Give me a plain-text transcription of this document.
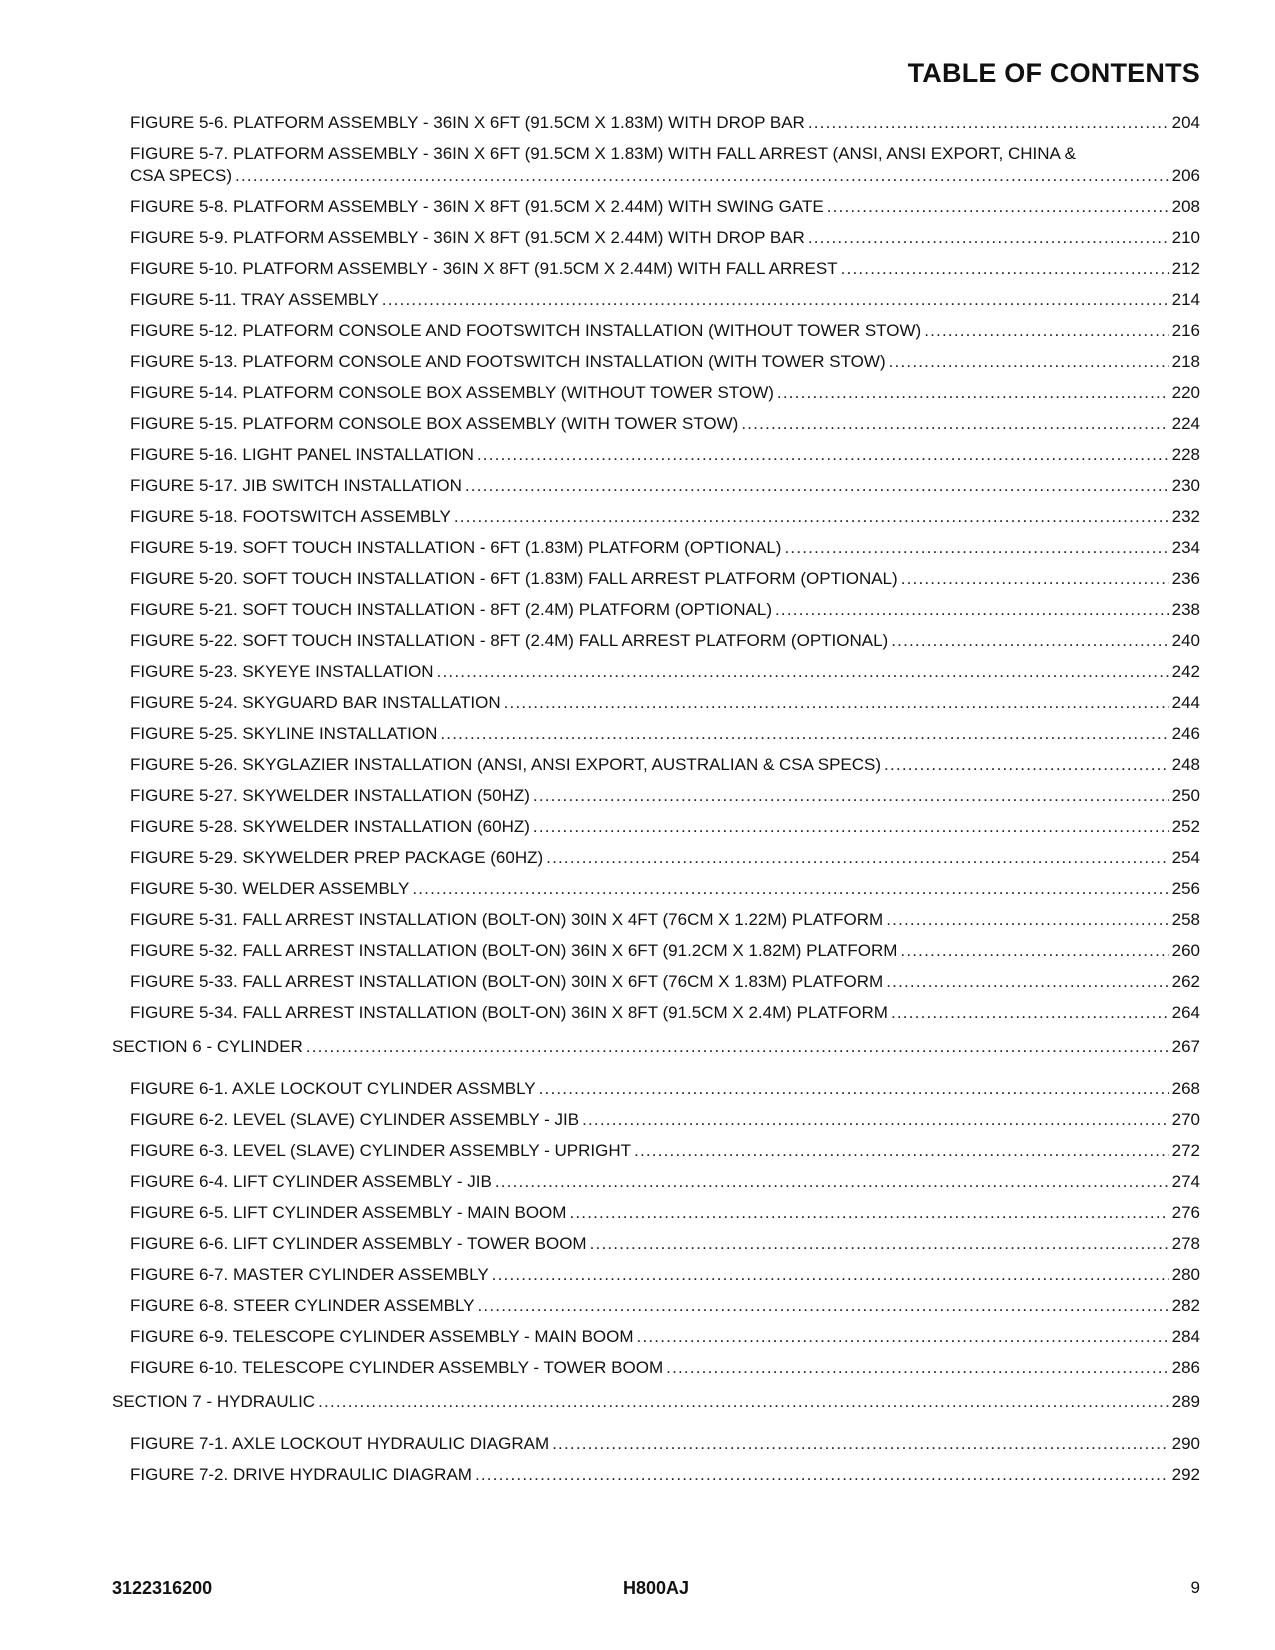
TABLE OF CONTENTS
FIGURE 5-6. PLATFORM ASSEMBLY - 36IN X 6FT (91.5CM X 1.83M) WITH DROP BAR .....	204
FIGURE 5-7. PLATFORM ASSEMBLY - 36IN X 6FT (91.5CM X 1.83M) WITH FALL ARREST (ANSI, ANSI EXPORT, CHINA &
CSA SPECS) .....	206
FIGURE 5-8. PLATFORM ASSEMBLY - 36IN X 8FT (91.5CM X 2.44M) WITH SWING GATE .....	208
FIGURE 5-9. PLATFORM ASSEMBLY - 36IN X 8FT (91.5CM X 2.44M) WITH DROP BAR .....	210
FIGURE 5-10. PLATFORM ASSEMBLY - 36IN X 8FT (91.5CM X 2.44M) WITH FALL ARREST .....	212
FIGURE 5-11. TRAY ASSEMBLY .....	214
FIGURE 5-12. PLATFORM CONSOLE AND FOOTSWITCH INSTALLATION (WITHOUT TOWER STOW) .....	216
FIGURE 5-13. PLATFORM CONSOLE AND FOOTSWITCH INSTALLATION (WITH TOWER STOW) .....	218
FIGURE 5-14. PLATFORM CONSOLE BOX ASSEMBLY (WITHOUT TOWER STOW) .....	220
FIGURE 5-15. PLATFORM CONSOLE BOX ASSEMBLY (WITH TOWER STOW) .....	224
FIGURE 5-16. LIGHT PANEL INSTALLATION .....	228
FIGURE 5-17. JIB SWITCH INSTALLATION .....	230
FIGURE 5-18. FOOTSWITCH ASSEMBLY .....	232
FIGURE 5-19. SOFT TOUCH INSTALLATION - 6FT (1.83M) PLATFORM (OPTIONAL) .....	234
FIGURE 5-20. SOFT TOUCH INSTALLATION - 6FT (1.83M) FALL ARREST PLATFORM (OPTIONAL) .....	236
FIGURE 5-21. SOFT TOUCH INSTALLATION - 8FT (2.4M) PLATFORM (OPTIONAL) .....	238
FIGURE 5-22. SOFT TOUCH INSTALLATION - 8FT (2.4M) FALL ARREST PLATFORM (OPTIONAL) .....	240
FIGURE 5-23. SKYEYE INSTALLATION .....	242
FIGURE 5-24. SKYGUARD BAR INSTALLATION .....	244
FIGURE 5-25. SKYLINE INSTALLATION .....	246
FIGURE 5-26. SKYGLAZIER INSTALLATION (ANSI, ANSI EXPORT, AUSTRALIAN & CSA SPECS) .....	248
FIGURE 5-27. SKYWELDER INSTALLATION (50HZ) .....	250
FIGURE 5-28. SKYWELDER INSTALLATION (60HZ) .....	252
FIGURE 5-29. SKYWELDER PREP PACKAGE (60HZ) .....	254
FIGURE 5-30. WELDER ASSEMBLY .....	256
FIGURE 5-31. FALL ARREST INSTALLATION (BOLT-ON) 30IN X 4FT (76CM X 1.22M) PLATFORM .....	258
FIGURE 5-32. FALL ARREST INSTALLATION (BOLT-ON) 36IN X 6FT (91.2CM X 1.82M) PLATFORM .....	260
FIGURE 5-33. FALL ARREST INSTALLATION (BOLT-ON) 30IN X 6FT (76CM X 1.83M) PLATFORM .....	262
FIGURE 5-34. FALL ARREST INSTALLATION (BOLT-ON) 36IN X 8FT (91.5CM X 2.4M) PLATFORM .....	264
SECTION 6 - CYLINDER .....	267
FIGURE 6-1. AXLE LOCKOUT CYLINDER ASSMBLY .....	268
FIGURE 6-2. LEVEL (SLAVE) CYLINDER ASSEMBLY - JIB .....	270
FIGURE 6-3. LEVEL (SLAVE) CYLINDER ASSEMBLY - UPRIGHT .....	272
FIGURE 6-4. LIFT CYLINDER ASSEMBLY - JIB .....	274
FIGURE 6-5. LIFT CYLINDER ASSEMBLY - MAIN BOOM .....	276
FIGURE 6-6. LIFT CYLINDER ASSEMBLY - TOWER BOOM .....	278
FIGURE 6-7. MASTER CYLINDER ASSEMBLY .....	280
FIGURE 6-8. STEER CYLINDER ASSEMBLY .....	282
FIGURE 6-9. TELESCOPE CYLINDER ASSEMBLY - MAIN BOOM .....	284
FIGURE 6-10. TELESCOPE CYLINDER ASSEMBLY - TOWER BOOM .....	286
SECTION 7 - HYDRAULIC .....	289
FIGURE 7-1. AXLE LOCKOUT HYDRAULIC DIAGRAM .....	290
FIGURE 7-2. DRIVE HYDRAULIC DIAGRAM .....	292
3122316200	H800AJ	9
